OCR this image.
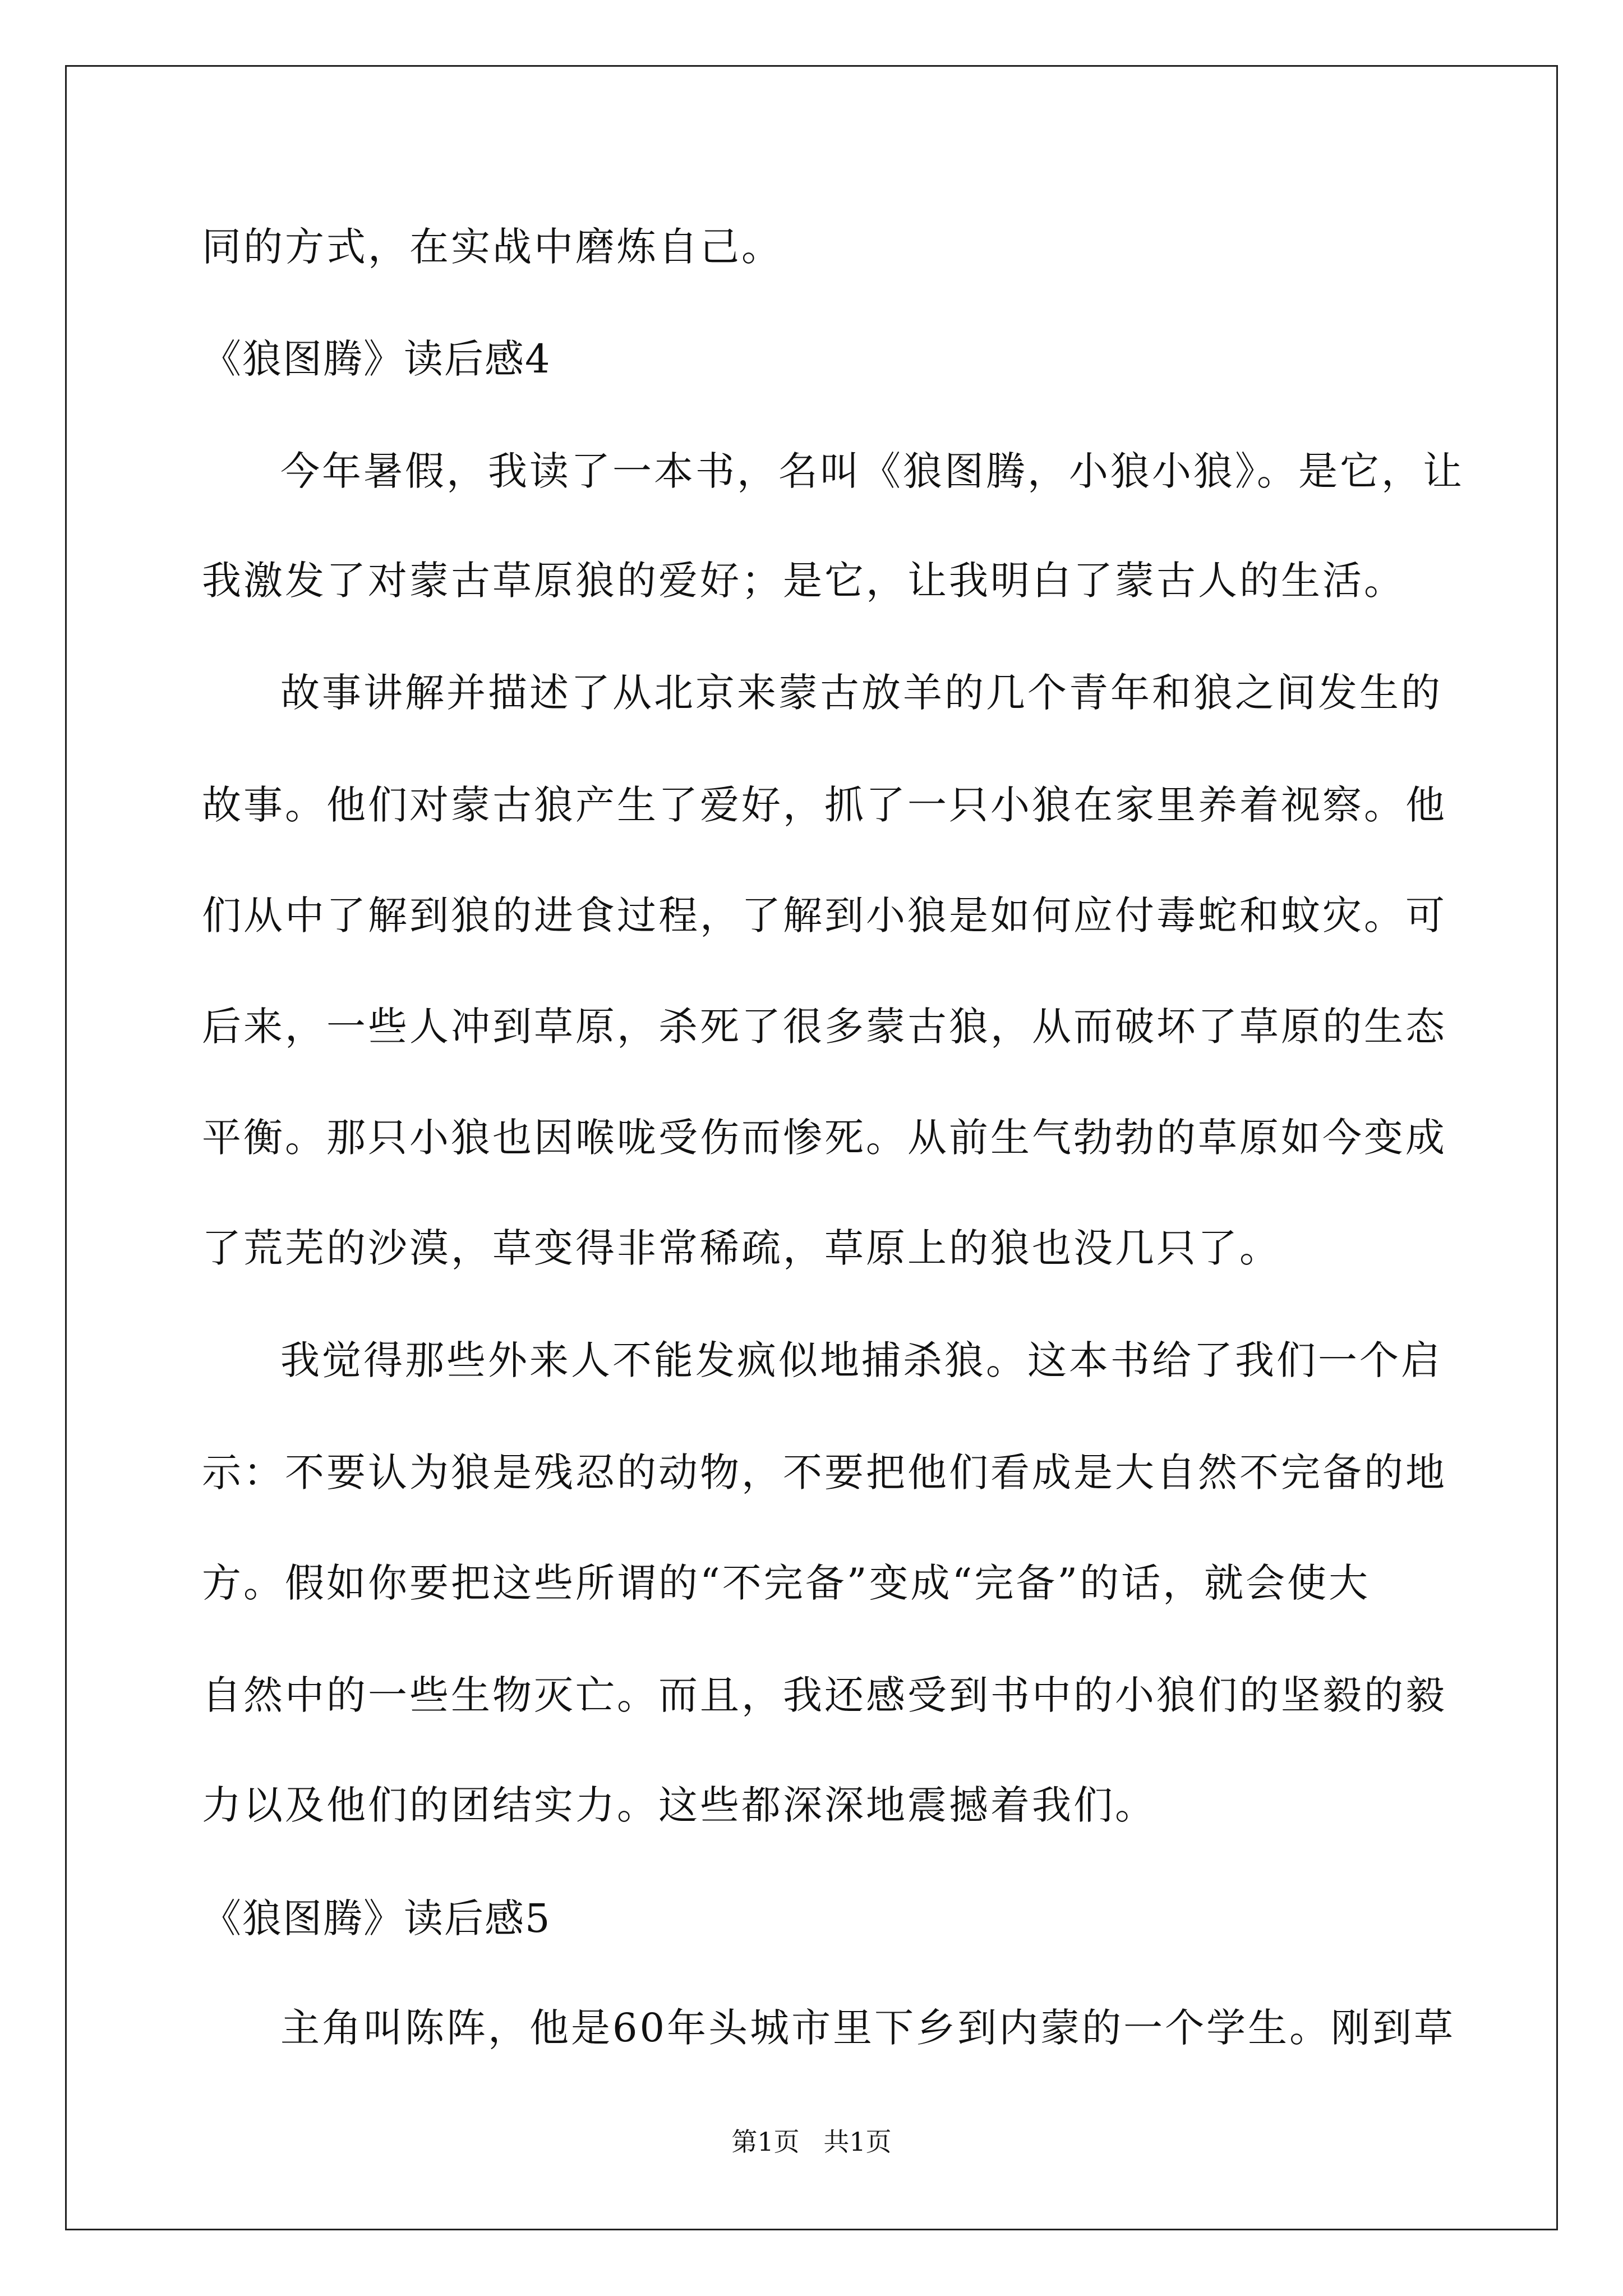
同的方式，在实战中磨炼自己。
《狼图腾》读后感4
今年暑假，我读了一本书，名叫《狼图腾，小狼小狼》。是它，让
我激发了对蒙古草原狼的爱好；是它，让我明白了蒙古人的生活。
故事讲解并描述了从北京来蒙古放羊的几个青年和狼之间发生的
故事。他们对蒙古狼产生了爱好，抓了一只小狼在家里养着视察。他
们从中了解到狼的进食过程，了解到小狼是如何应付毒蛇和蚊灾。可
后来，一些人冲到草原，杀死了很多蒙古狼，从而破坏了草原的生态
平衡。那只小狼也因喉咙受伤而惨死。从前生气勃勃的草原如今变成
了荒芜的沙漠，草变得非常稀疏，草原上的狼也没几只了。
我觉得那些外来人不能发疯似地捕杀狼。这本书给了我们一个启
示：不要认为狼是残忍的动物，不要把他们看成是大自然不完备的地
方。假如你要把这些所谓的“不完备”变成“完备”的话，就会使大
自然中的一些生物灭亡。而且，我还感受到书中的小狼们的坚毅的毅
力以及他们的团结实力。这些都深深地震撼着我们。
《狼图腾》读后感5
主角叫陈阵，他是60年头城市里下乡到内蒙的一个学生。刚到草
第1页 共1页
